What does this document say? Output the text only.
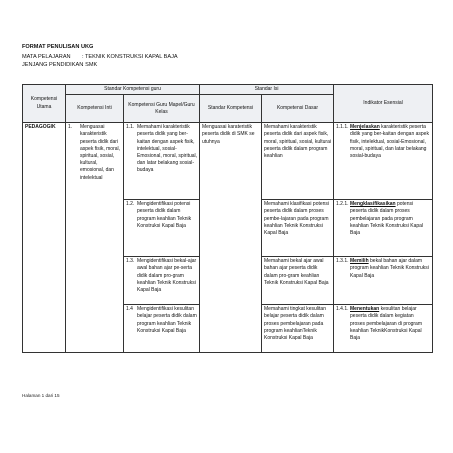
FORMAT PENULISAN UKG
MATA PELAJARAN : TEKNIK KONSTRUKSI KAPAL BAJA
JENJANG PENDIDIKAN: SMK
Kompetensi Utama	Standar Kompetensi guru		Standar Isi		Indikator Esensial
	Kompetensi Inti	Kompetensi Guru Mapel/Guru Kelas	Standar Kompetensi	Kompetensi Dasar	
PEDAGOGIK	1. Menguasai karakteristik peserta didik dari aspek fisik, moral, spiritual, sosial, kultural, emosional, dan intelektual	1.1. Memahami karakteristik peserta didik yang ber-kaitan dengan aspek fisik, intelektual, sosial-Emosional, moral, spiritual, dan latar belakang sosial-budaya	Menguasai karateristik peserta didik di SMK se utuhnya	Memahami karakteristik peserta didik dari aspek fisik, moral, spiritual, sosial, kulturai peserta didik dalam program keahlian	1.1.1. Menjelaskan karakteristik peserta didik yang ber-kaitan dengan aspek fisik, intelektual, sosial-Emosional, moral, spiritual, dan latar belakang sosial-budaya

		1.2. Mengidentifikasi potensi peserta didik dalam program keahlian Teknik Konstruksi Kapal Baja		Memahami klasifikasi potensi peserta didik dalam proses pembe-lajaran pada program keahlian Teknik Konstruksi Kapal Baja	1.2.1. Mengklasifikasikan potensi peserta didik dalam proses pembelajaran pada program keahlian Teknik Konstruksi Kapal Baja

		1.3. Mengidentifikasi bekal-ajar awal bahan ajar pe-serta didik dalam pro-gram keahlian Teknik Konstruksi Kapal Baja		Memahami bekal ajar awal bahan ajar peserta didik dalam pro-gram keahlian Teknik Konstruksi Kapal Baja	1.3.1. Memilih bekal bahan ajar dalam program keahlian Teknik Konstruksi Kapal Baja

		1.4 Mengidentifikasi kesulitan belajar peserta didik dalam program keahlian Teknik Konstruksi Kapal Baja		Memahami tingkat kesulitan belajar peserta didik dalam proses pembelajaran pada program keahlianTeknik Konstruksi Kapal Baja	1.4.1. Menentukan kesulitan belajar peserta didik dalam kegiatan proses pembelajaran di program keahlian TeknikKonstruksi Kapal Baja
Halaman 1 dari 15
